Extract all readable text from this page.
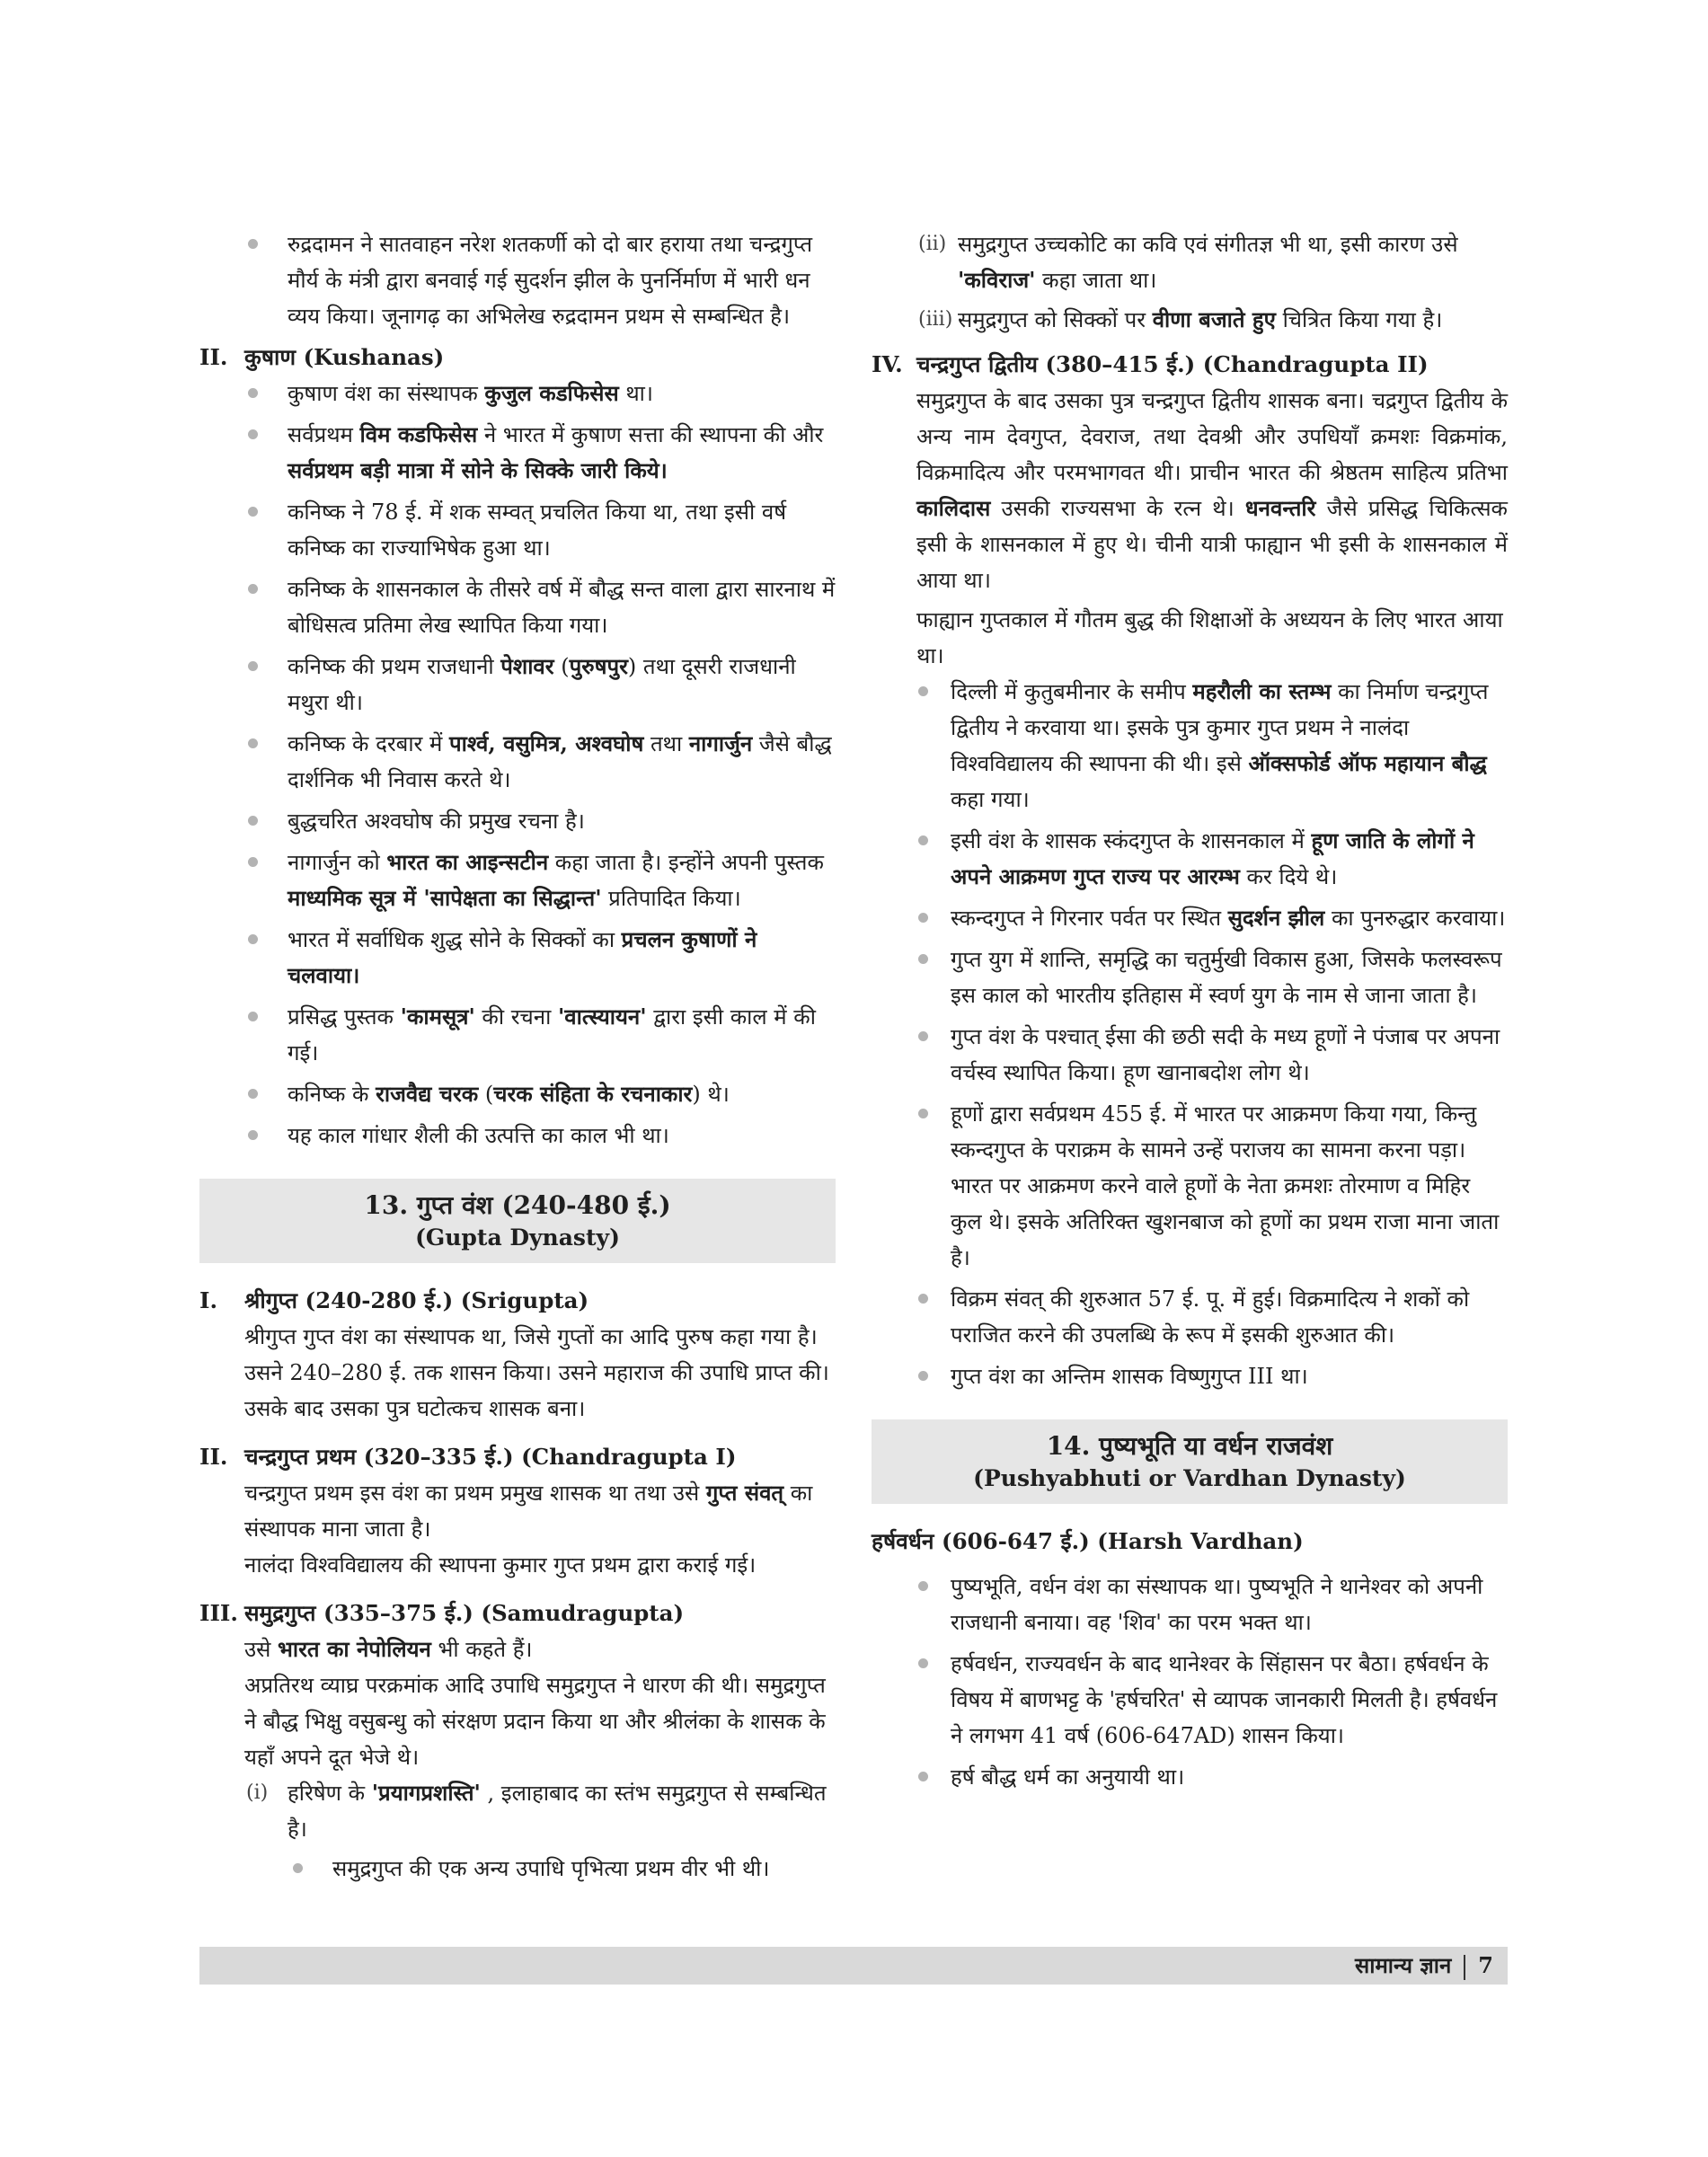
रुद्रदामन ने सातवाहन नरेश शतकर्णी को दो बार हराया तथा चन्द्रगुप्त मौर्य के मंत्री द्वारा बनवाई गई सुदर्शन झील के पुनर्निर्माण में भारी धन व्यय किया। जूनागढ़ का अभिलेख रुद्रदामन प्रथम से सम्बन्धित है।
II. कुषाण (Kushanas)
कुषाण वंश का संस्थापक कुजुल कडफिसेस था।
सर्वप्रथम विम कडफिसेस ने भारत में कुषाण सत्ता की स्थापना की और सर्वप्रथम बड़ी मात्रा में सोने के सिक्के जारी किये।
कनिष्क ने 78 ई. में शक सम्वत् प्रचलित किया था, तथा इसी वर्ष कनिष्क का राज्याभिषेक हुआ था।
कनिष्क के शासनकाल के तीसरे वर्ष में बौद्ध सन्त वाला द्वारा सारनाथ में बोधिसत्व प्रतिमा लेख स्थापित किया गया।
कनिष्क की प्रथम राजधानी पेशावर (पुरुषपुर) तथा दूसरी राजधानी मथुरा थी।
कनिष्क के दरबार में पार्श्व, वसुमित्र, अश्वघोष तथा नागार्जुन जैसे बौद्ध दार्शनिक भी निवास करते थे।
बुद्धचरित अश्वघोष की प्रमुख रचना है।
नागार्जुन को भारत का आइन्सटीन कहा जाता है। इन्होंने अपनी पुस्तक माध्यमिक सूत्र में 'सापेक्षता का सिद्धान्त' प्रतिपादित किया।
भारत में सर्वाधिक शुद्ध सोने के सिक्कों का प्रचलन कुषाणों ने चलवाया।
प्रसिद्ध पुस्तक 'कामसूत्र' की रचना 'वात्स्यायन' द्वारा इसी काल में की गई।
कनिष्क के राजवैद्य चरक (चरक संहिता के रचनाकार) थे।
यह काल गांधार शैली की उत्पत्ति का काल भी था।
13. गुप्त वंश (240-480 ई.)
(Gupta Dynasty)
I. श्रीगुप्त (240-280 ई.) (Srigupta)

श्रीगुप्त गुप्त वंश का संस्थापक था, जिसे गुप्तों का आदि पुरुष कहा गया है। उसने 240–280 ई. तक शासन किया। उसने महाराज की उपाधि प्राप्त की। उसके बाद उसका पुत्र घटोत्कच शासक बना।

II. चन्द्रगुप्त प्रथम (320–335 ई.) (Chandragupta I)

चन्द्रगुप्त प्रथम इस वंश का प्रथम प्रमुख शासक था तथा उसे गुप्त संवत् का संस्थापक माना जाता है।

नालंदा विश्वविद्यालय की स्थापना कुमार गुप्त प्रथम द्वारा कराई गई।

III. समुद्रगुप्त (335–375 ई.) (Samudragupta)

उसे भारत का नेपोलियन भी कहते हैं।

अप्रतिरथ व्याघ्र परक्रमांक आदि उपाधि समुद्रगुप्त ने धारण की थी। समुद्रगुप्त ने बौद्ध भिक्षु वसुबन्धु को संरक्षण प्रदान किया था और श्रीलंका के शासक के यहाँ अपने दूत भेजे थे।

(i) हरिषेण के 'प्रयागप्रशस्ति' , इलाहाबाद का स्तंभ समुद्रगुप्त से सम्बन्धित है।
समुद्रगुप्त की एक अन्य उपाधि पृभित्या प्रथम वीर भी थी।
(ii) समुद्रगुप्त उच्चकोटि का कवि एवं संगीतज्ञ भी था, इसी कारण उसे 'कविराज' कहा जाता था।
(iii) समुद्रगुप्त को सिक्कों पर वीणा बजाते हुए चित्रित किया गया है।
IV. चन्द्रगुप्त द्वितीय (380–415 ई.) (Chandragupta II)

समुद्रगुप्त के बाद उसका पुत्र चन्द्रगुप्त द्वितीय शासक बना। चद्रगुप्त द्वितीय के अन्य नाम देवगुप्त, देवराज, तथा देवश्री और उपधियाँ क्रमशः विक्रमांक, विक्रमादित्य और परमभागवत थी। प्राचीन भारत की श्रेष्ठतम साहित्य प्रतिभा कालिदास उसकी राज्यसभा के रत्न थे। धनवन्तरि जैसे प्रसिद्ध चिकित्सक इसी के शासनकाल में हुए थे। चीनी यात्री फाह्यान भी इसी के शासनकाल में आया था।

फाह्यान गुप्तकाल में गौतम बुद्ध की शिक्षाओं के अध्ययन के लिए भारत आया था।

दिल्ली में कुतुबमीनार के समीप महरौली का स्तम्भ का निर्माण चन्द्रगुप्त द्वितीय ने करवाया था। इसके पुत्र कुमार गुप्त प्रथम ने नालंदा विश्वविद्यालय की स्थापना की थी। इसे ऑक्सफोर्ड ऑफ महायान बौद्ध कहा गया।
इसी वंश के शासक स्कंदगुप्त के शासनकाल में हूण जाति के लोगों ने अपने आक्रमण गुप्त राज्य पर आरम्भ कर दिये थे।
स्कन्दगुप्त ने गिरनार पर्वत पर स्थित सुदर्शन झील का पुनरुद्धार करवाया।
गुप्त युग में शान्ति, समृद्धि का चतुर्मुखी विकास हुआ, जिसके फलस्वरूप इस काल को भारतीय इतिहास में स्वर्ण युग के नाम से जाना जाता है।
गुप्त वंश के पश्चात् ईसा की छठी सदी के मध्य हूणों ने पंजाब पर अपना वर्चस्व स्थापित किया। हूण खानाबदोश लोग थे।
हूणों द्वारा सर्वप्रथम 455 ई. में भारत पर आक्रमण किया गया, किन्तु स्कन्दगुप्त के पराक्रम के सामने उन्हें पराजय का सामना करना पड़ा। भारत पर आक्रमण करने वाले हूणों के नेता क्रमशः तोरमाण व मिहिर कुल थे। इसके अतिरिक्त खुशनबाज को हूणों का प्रथम राजा माना जाता है।
विक्रम संवत् की शुरुआत 57 ई. पू. में हुई। विक्रमादित्य ने शकों को पराजित करने की उपलब्धि के रूप में इसकी शुरुआत की।
गुप्त वंश का अन्तिम शासक विष्णुगुप्त III था।
14. पुष्यभूति या वर्धन राजवंश
(Pushyabhuti or Vardhan Dynasty)
हर्षवर्धन (606-647 ई.) (Harsh Vardhan)
पुष्यभूति, वर्धन वंश का संस्थापक था। पुष्यभूति ने थानेश्वर को अपनी राजधानी बनाया। वह 'शिव' का परम भक्त था।
हर्षवर्धन, राज्यवर्धन के बाद थानेश्वर के सिंहासन पर बैठा। हर्षवर्धन के विषय में बाणभट्ट के 'हर्षचरित' से व्यापक जानकारी मिलती है। हर्षवर्धन ने लगभग 41 वर्ष (606-647AD) शासन किया।
हर्ष बौद्ध धर्म का अनुयायी था।
सामान्य ज्ञान 7
